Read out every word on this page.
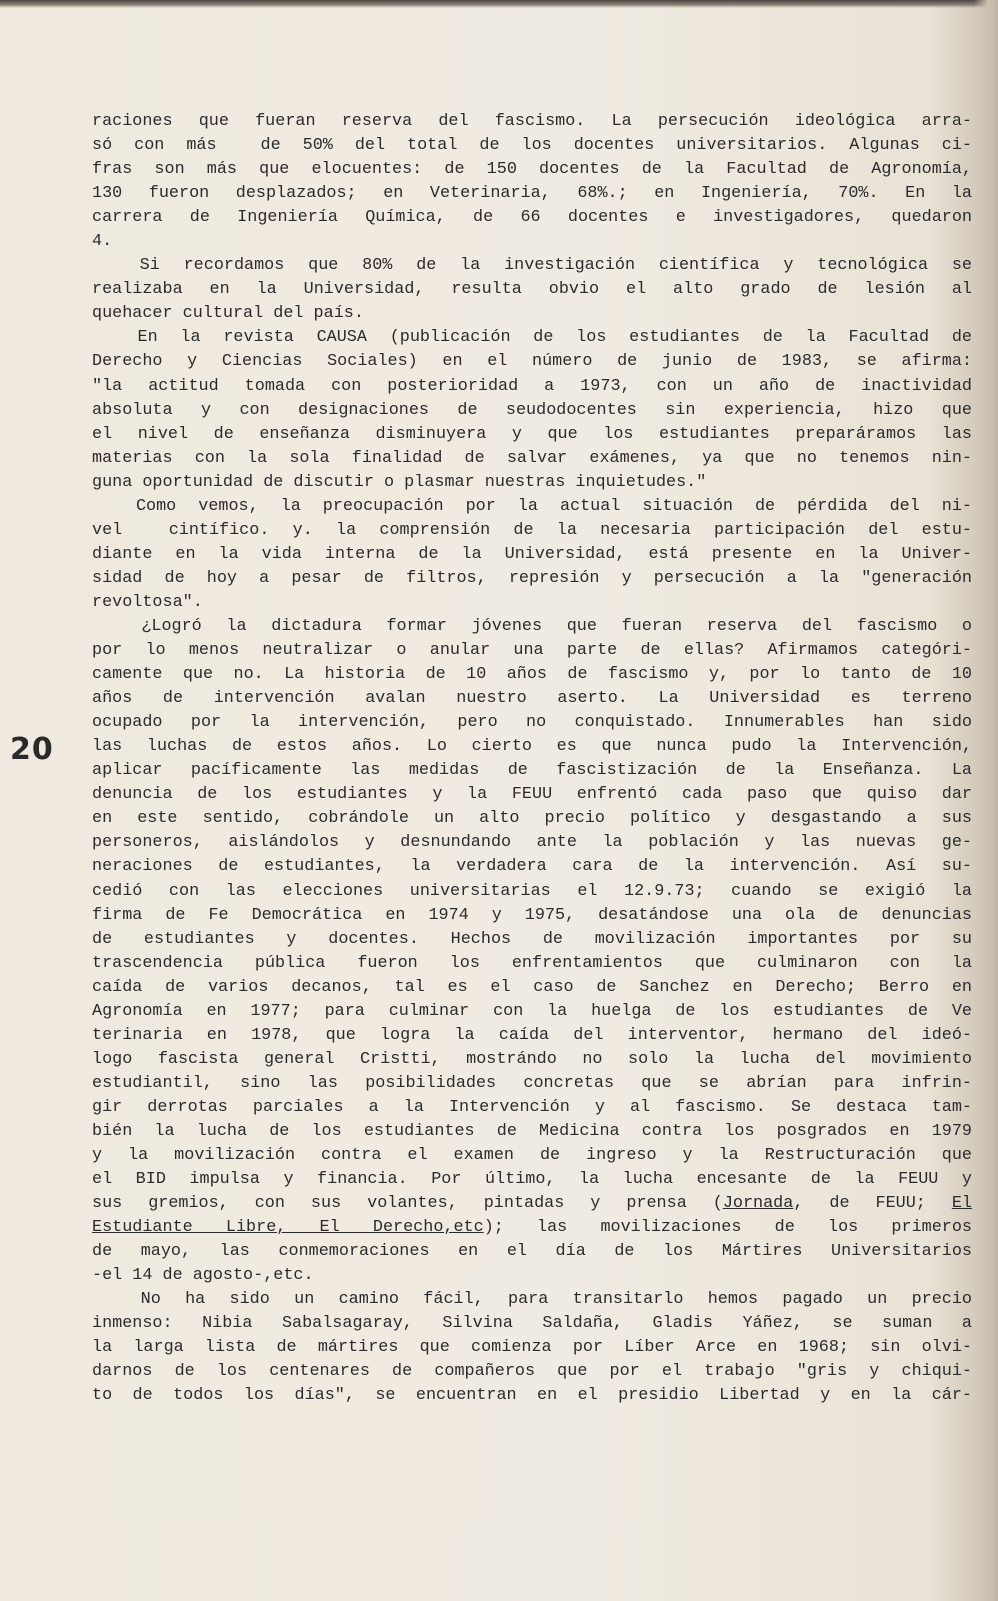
20
raciones que fueran reserva del fascismo. La persecución ideológica arra-
só con más  de 50% del total de los docentes universitarios. Algunas ci-
fras son más que elocuentes: de 150 docentes de la Facultad de Agronomía,
130 fueron desplazados; en Veterinaria, 68%.; en Ingeniería, 70%. En la
carrera de Ingeniería Química, de 66 docentes e investigadores, quedaron
4.
Si recordamos que 80% de la investigación científica y tecnológica se
realizaba en la Universidad, resulta obvio el alto grado de lesión al
quehacer cultural del país.
En la revista CAUSA (publicación de los estudiantes de la Facultad de
Derecho y Ciencias Sociales) en el número de junio de 1983, se afirma:
"la actitud tomada con posterioridad a 1973, con un año de inactividad
absoluta y con designaciones de seudodocentes sin experiencia, hizo que
el nivel de enseñanza disminuyera y que los estudiantes preparáramos las
materias con la sola finalidad de salvar exámenes, ya que no tenemos nin-
guna oportunidad de discutir o plasmar nuestras inquietudes."
Como vemos, la preocupación por la actual situación de pérdida del ni-
vel  cintífico. y. la comprensión de la necesaria participación del estu-
diante en la vida interna de la Universidad, está presente en la Univer-
sidad de hoy a pesar de filtros, represión y persecución a la "generación
revoltosa".
¿Logró la dictadura formar jóvenes que fueran reserva del fascismo o
por lo menos neutralizar o anular una parte de ellas? Afirmamos categóri-
camente que no. La historia de 10 años de fascismo y, por lo tanto de 10
años de intervención avalan nuestro aserto. La Universidad es terreno
ocupado por la intervención, pero no conquistado. Innumerables han sido
las luchas de estos años. Lo cierto es que nunca pudo la Intervención,
aplicar pacíficamente las medidas de fascistización de la Enseñanza. La
denuncia de los estudiantes y la FEUU enfrentó cada paso que quiso dar
en este sentido, cobrándole un alto precio político y desgastando a sus
personeros, aislándolos y desnundando ante la población y las nuevas ge-
neraciones de estudiantes, la verdadera cara de la intervención. Así su-
cedió con las elecciones universitarias el 12.9.73; cuando se exigió la
firma de Fe Democrática en 1974 y 1975, desatándose una ola de denuncias
de estudiantes y docentes. Hechos de movilización importantes por su
trascendencia pública fueron los enfrentamientos que culminaron con la
caída de varios decanos, tal es el caso de Sanchez en Derecho; Berro en
Agronomía en 1977; para culminar con la huelga de los estudiantes de Ve
terinaria en 1978, que logra la caída del interventor, hermano del ideó-
logo fascista general Cristti, mostrándo no solo la lucha del movimiento
estudiantil, sino las posibilidades concretas que se abrían para infrin-
gir derrotas parciales a la Intervención y al fascismo. Se destaca tam-
bién la lucha de los estudiantes de Medicina contra los posgrados en 1979
y la movilización contra el examen de ingreso y la Restructuración que
el BID impulsa y financia. Por último, la lucha encesante de la FEUU y
sus gremios, con sus volantes, pintadas y prensa (Jornada, de FEUU; El
Estudiante Libre, El Derecho,etc); las movilizaciones de los primeros
de mayo, las conmemoraciones en el día de los Mártires Universitarios
-el 14 de agosto-,etc.
No ha sido un camino fácil, para transitarlo hemos pagado un precio
inmenso: Nibia Sabalsagaray, Silvina Saldaña, Gladis Yáñez, se suman a
la larga lista de mártires que comienza por Líber Arce en 1968; sin olvi-
darnos de los centenares de compañeros que por el trabajo "gris y chiqui-
to de todos los días", se encuentran en el presidio Libertad y en la cár-
